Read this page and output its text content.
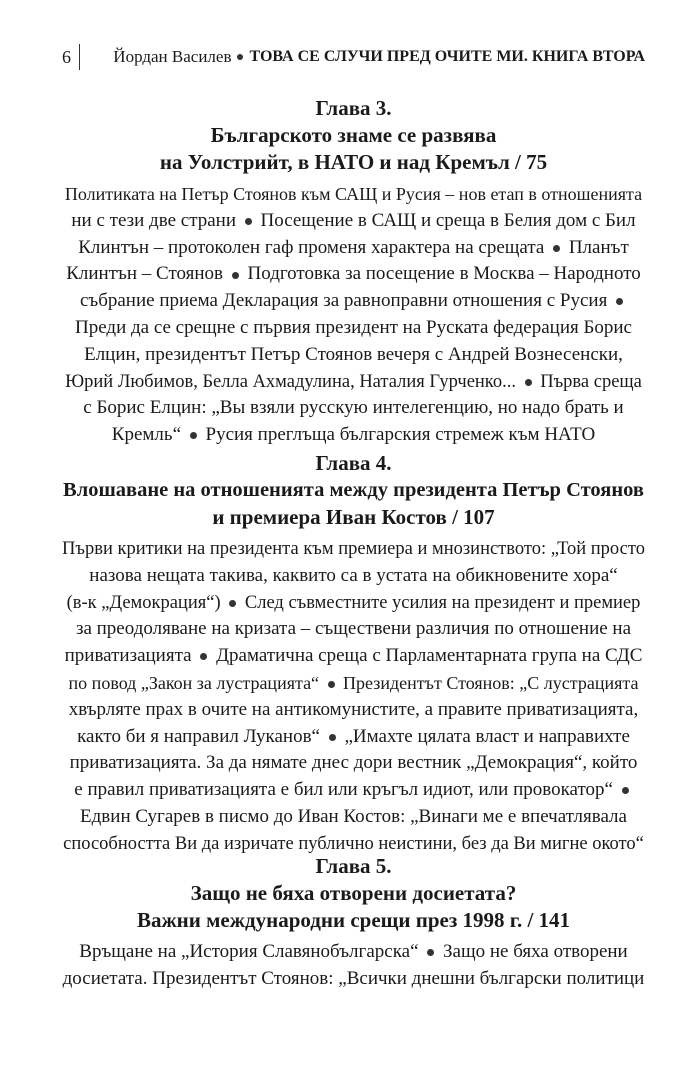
6 Йордан Василев ТОВА СЕ СЛУЧИ ПРЕД ОЧИТЕ МИ. КНИГА ВТОРА
Глава 3.
Българското знаме се развява
на Уолстрийт, в НАТО и над Кремъл / 75

Политиката на Петър Стоянов към САЩ и Русия – нов етап в отношенията
ни с тези две страни  Посещение в САЩ и среща в Белия дом с Бил
Клинтън – протоколен гаф променя характера на срещата  Планът
Клинтън – Стоянов  Подготовка за посещение в Москва – Народното
събрание приема Декларация за равноправни отношения с Русия
Преди да се срещне с първия президент на Руската федерация Борис
Елцин, президентът Петър Стоянов вечеря с Андрей Вознесенски,
Юрий Любимов, Белла Ахмадулина, Наталия Гурченко...  Първа среща
с Борис Елцин: „Вы взяли русскую интелегенцию, но надо брать и
Кремль“  Русия преглъща българския стремеж към НАТО

Глава 4.
Влошаване на отношенията между президента Петър Стоянов
и премиера Иван Костов / 107

Първи критики на президента към премиера и мнозинството: „Той просто
назова нещата такива, каквито са в устата на обикновените хора“
(в-к „Демокрация“)  След съвместните усилия на президент и премиер
за преодоляване на кризата – съществени различия по отношение на
приватизацията  Драматична среща с Парламентарната група на СДС
по повод „Закон за лустрацията“  Президентът Стоянов: „С лустрацията
хвърляте прах в очите на антикомунистите, а правите приватизацията,
както би я направил Луканов“  „Имахте цялата власт и направихте
приватизацията. За да нямате днес дори вестник „Демокрация“, който
е правил приватизацията е бил или кръгъл идиот, или провокатор“
Едвин Сугарев в писмо до Иван Костов: „Винаги ме е впечатлявала
способността Ви да изричате публично неистини, без да Ви мигне окото“

Глава 5.
Защо не бяха отворени досиетата?
Важни международни срещи през 1998 г. / 141

Връщане на „История Славянобългарска“  Защо не бяха отворени
досиетата. Президентът Стоянов: „Всички днешни български политици
